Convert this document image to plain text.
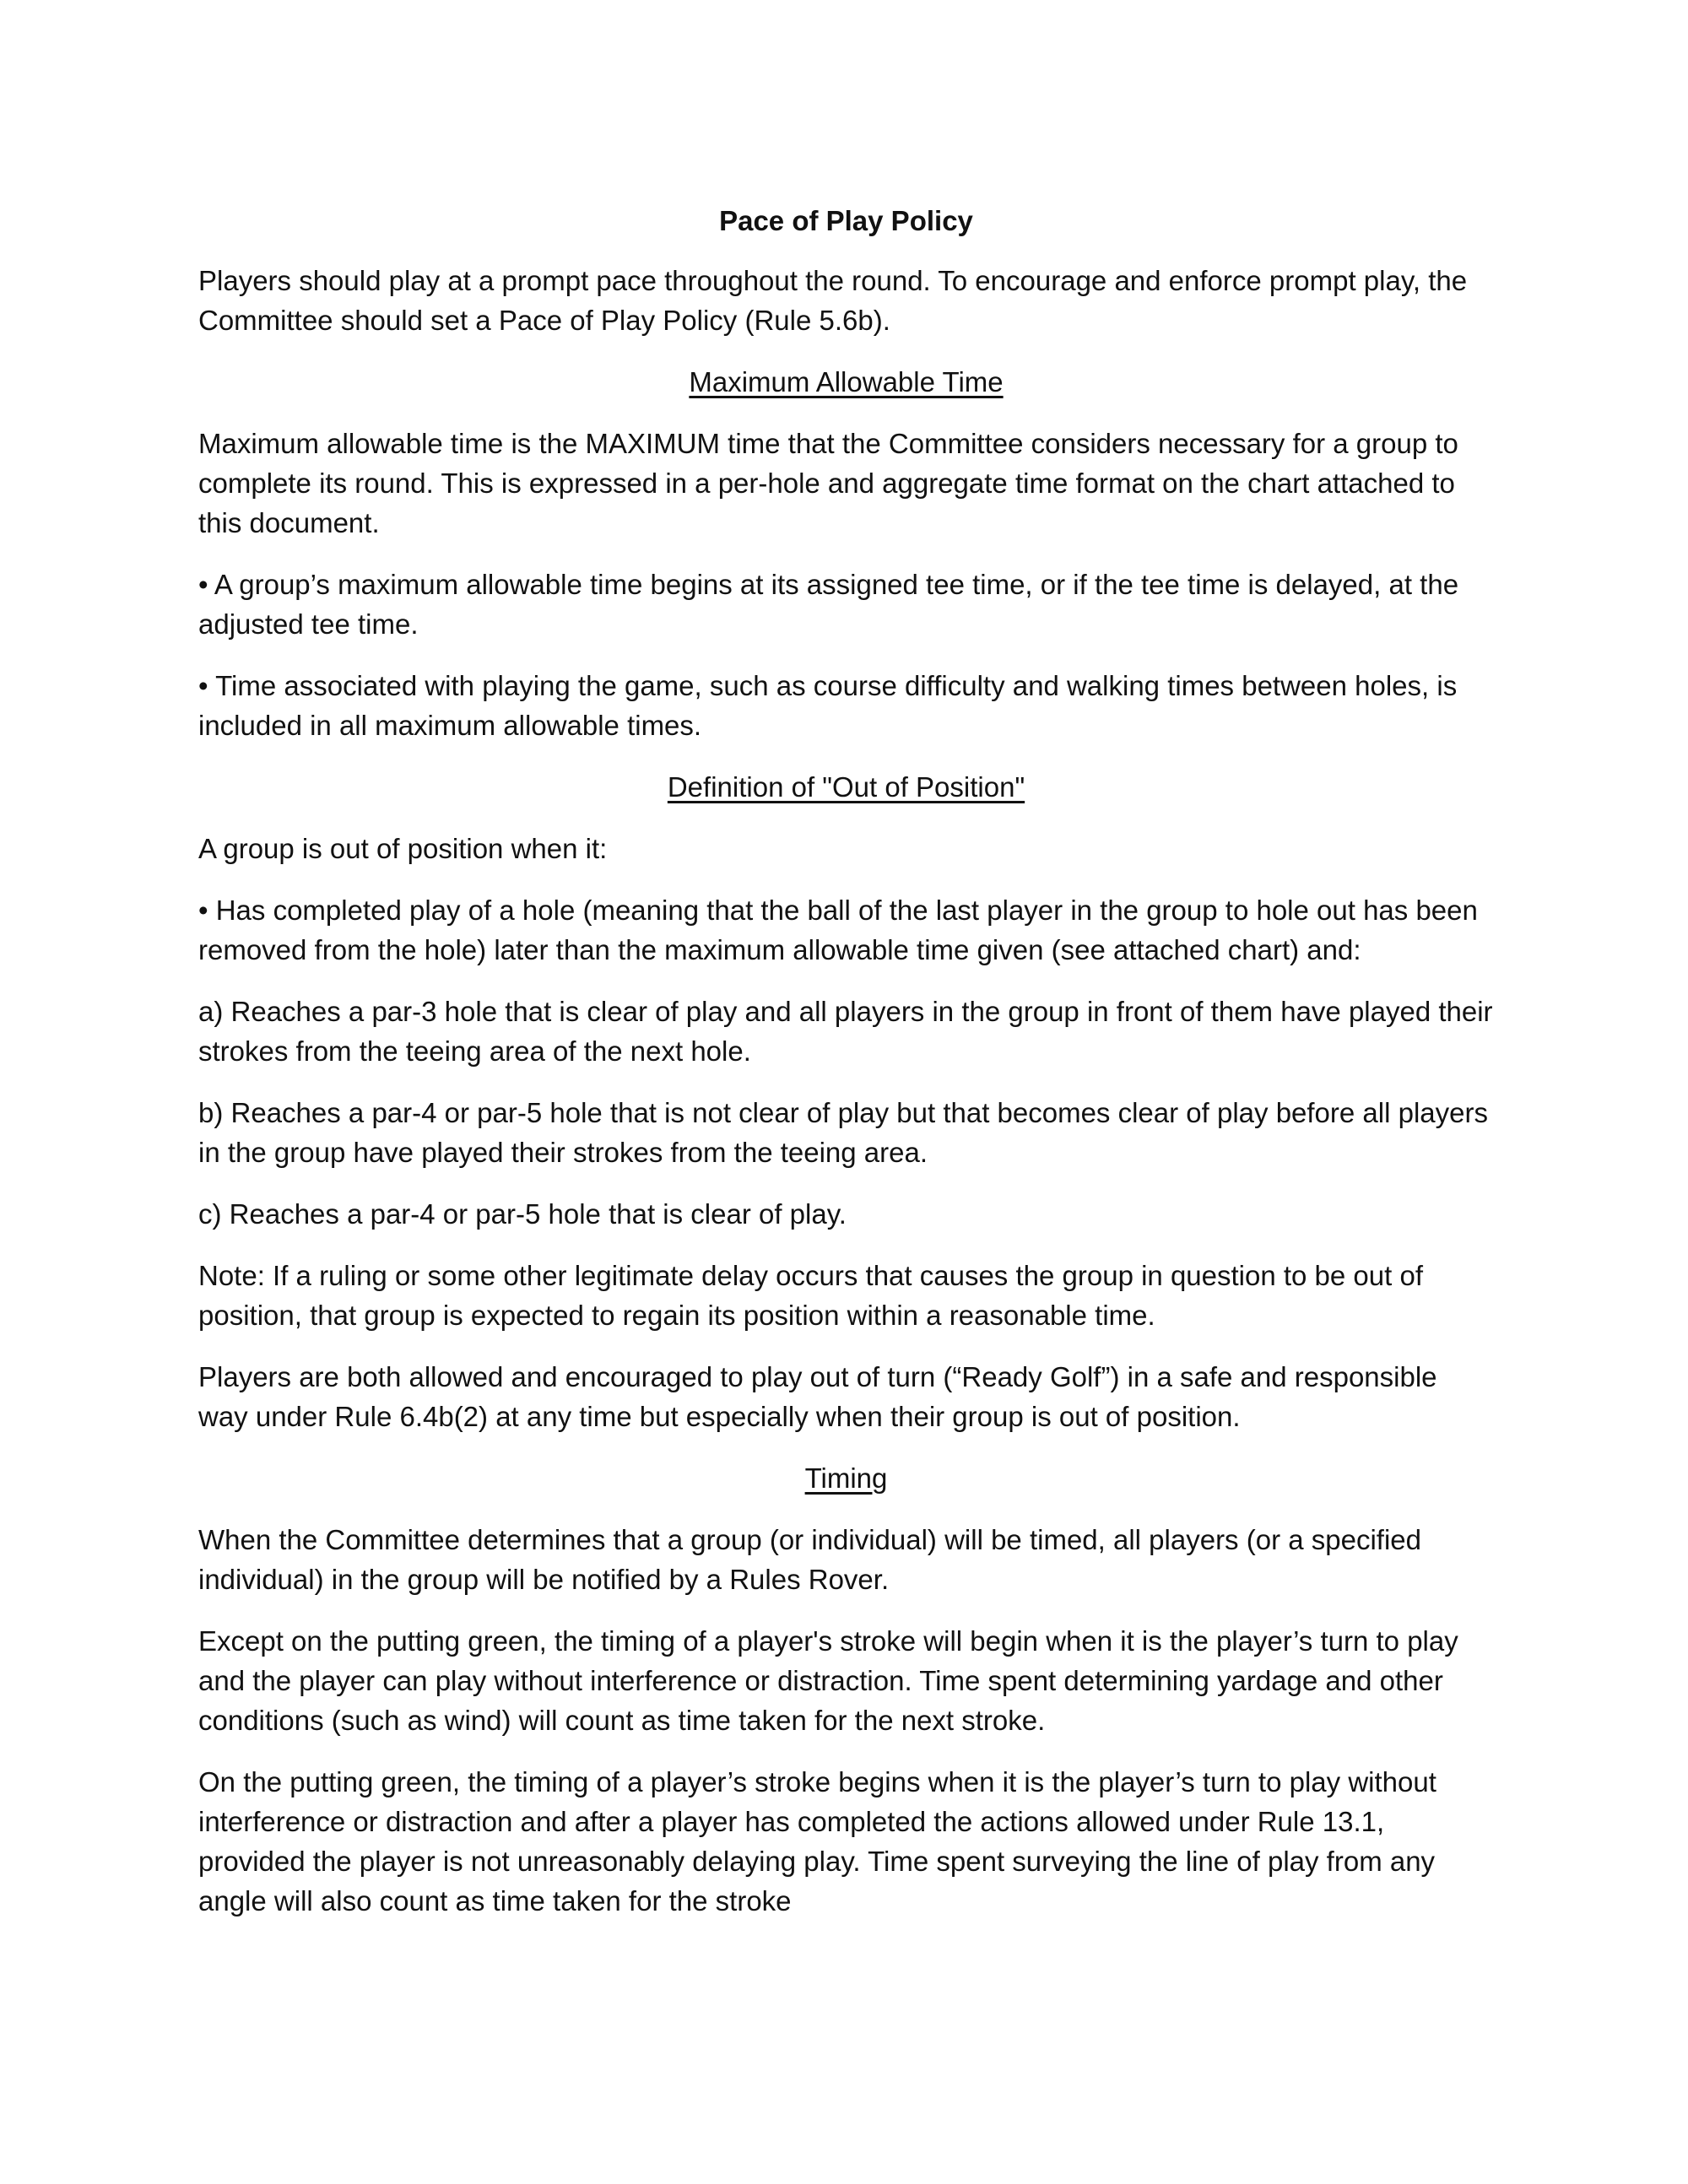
Pace of Play Policy

Players should play at a prompt pace throughout the round. To encourage and enforce prompt play, the Committee should set a Pace of Play Policy (Rule 5.6b).

Maximum Allowable Time

Maximum allowable time is the MAXIMUM time that the Committee considers necessary for a group to complete its round. This is expressed in a per-hole and aggregate time format on the chart attached to this document.

• A group’s maximum allowable time begins at its assigned tee time, or if the tee time is delayed, at the adjusted tee time.

• Time associated with playing the game, such as course difficulty and walking times between holes, is included in all maximum allowable times.

Definition of "Out of Position"

A group is out of position when it:

• Has completed play of a hole (meaning that the ball of the last player in the group to hole out has been removed from the hole) later than the maximum allowable time given (see attached chart) and:

a) Reaches a par-3 hole that is clear of play and all players in the group in front of them have played their strokes from the teeing area of the next hole.

b) Reaches a par-4 or par-5 hole that is not clear of play but that becomes clear of play before all players in the group have played their strokes from the teeing area.

c) Reaches a par-4 or par-5 hole that is clear of play.

Note: If a ruling or some other legitimate delay occurs that causes the group in question to be out of position, that group is expected to regain its position within a reasonable time.

Players are both allowed and encouraged to play out of turn (“Ready Golf”) in a safe and responsible way under Rule 6.4b(2) at any time but especially when their group is out of position.

Timing

When the Committee determines that a group (or individual) will be timed, all players (or a specified individual) in the group will be notified by a Rules Rover.

Except on the putting green, the timing of a player's stroke will begin when it is the player’s turn to play and the player can play without interference or distraction. Time spent determining yardage and other conditions (such as wind) will count as time taken for the next stroke.

On the putting green, the timing of a player’s stroke begins when it is the player’s turn to play without interference or distraction and after a player has completed the actions allowed under Rule 13.1, provided the player is not unreasonably delaying play. Time spent surveying the line of play from any angle will also count as time taken for the stroke
